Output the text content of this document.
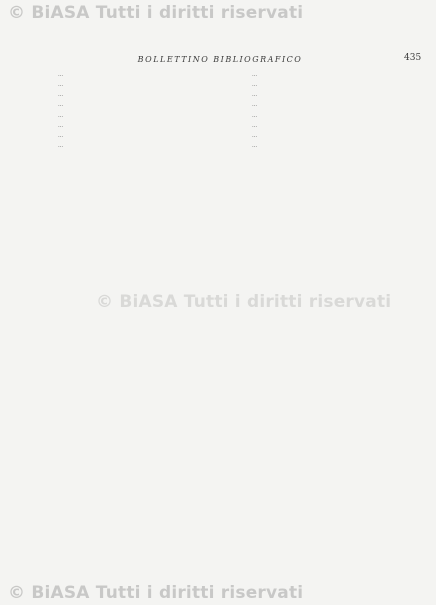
© BiASA Tutti i diritti riservati
© BiASA Tutti i diritti riservati
© BiASA Tutti i diritti riservati
BOLLETTINO BIBLIOGRAFICO	435

...

...

...

...

...

...

...

...

...

...

...

...

...

...

...

...
